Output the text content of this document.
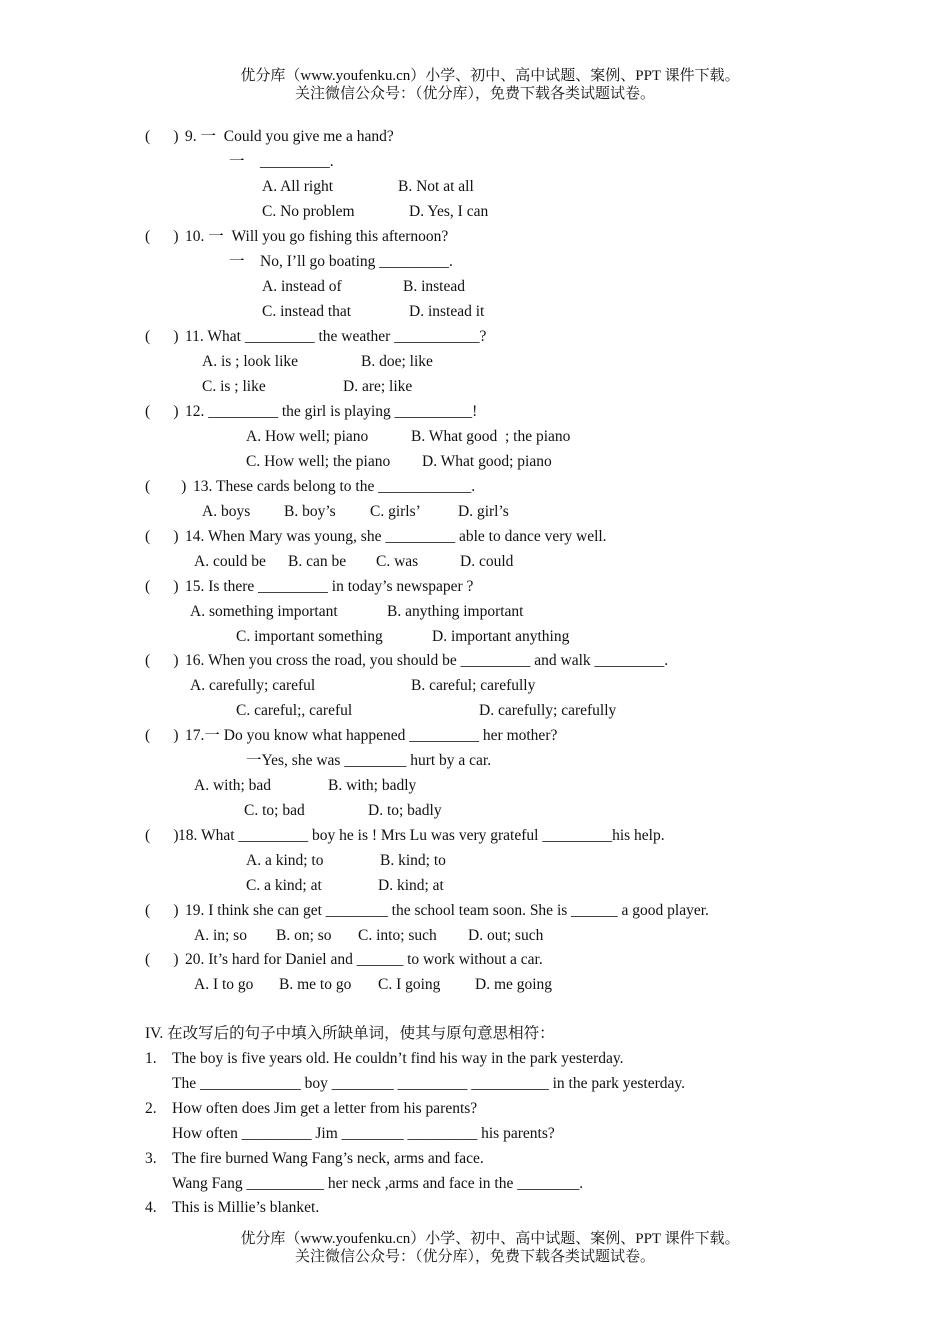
优分库（www.youfenku.cn）小学、初中、高中试题、案例、PPT 课件下载。
关注微信公众号：（优分库），免费下载各类试题试卷。
(      ) 9. 一  Could you give me a hand?
一    _________.
A. All right	B. Not at all
C. No problem	D. Yes, I can
(      ) 10. 一  Will you go fishing this afternoon?
一    No, I’ll go boating _________.
A. instead of	B. instead
C. instead that	D. instead it
(      ) 11. What _________ the weather ___________?
A. is ; look like	B. doe; like
C. is ; like	D. are; like
(      ) 12. _________ the girl is playing __________!
A. How well; piano	B. What good  ; the piano
C. How well; the piano D. What good; piano
(        ) 13. These cards belong to the ____________.
A. boys B. boy’s C. girls’ D. girl’s
(      ) 14. When Mary was young, she _________ able to dance very well.
A. could be B. can be C. was	D. could
(      ) 15. Is there _________ in today’s newspaper ?
A. something important	B. anything important
C. important something	D. important anything
(      ) 16. When you cross the road, you should be _________ and walk _________.
A. carefully; careful	B. careful; carefully
C. careful;, careful	D. carefully; carefully
(      ) 17.一 Do you know what happened _________ her mother?
一Yes, she was ________ hurt by a car.
A. with; bad	B. with; badly
C. to; bad	D. to; badly
(      ) 18. What _________ boy he is ! Mrs Lu was very grateful _________his help.
A. a kind; to	B. kind; to
C. a kind; at	D. kind; at
(      ) 19. I think she can get ________ the school team soon. She is ______ a good player.
A. in; so B. on; so C. into; such D. out; such
(      ) 20. It’s hard for Daniel and ______ to work without a car.
A. I to go B. me to go C. I going D. me going
IV. 在改写后的句子中填入所缺单词，使其与原句意思相符：
1. The boy is five years old. He couldn’t find his way in the park yesterday.
The _____________ boy ________ _________ __________ in the park yesterday.
2. How often does Jim get a letter from his parents?
How often _________ Jim ________ _________ his parents?
3. The fire burned Wang Fang’s neck, arms and face.
Wang Fang __________ her neck ,arms and face in the ________.
4. This is Millie’s blanket.
优分库（www.youfenku.cn）小学、初中、高中试题、案例、PPT 课件下载。
关注微信公众号：（优分库），免费下载各类试题试卷。
